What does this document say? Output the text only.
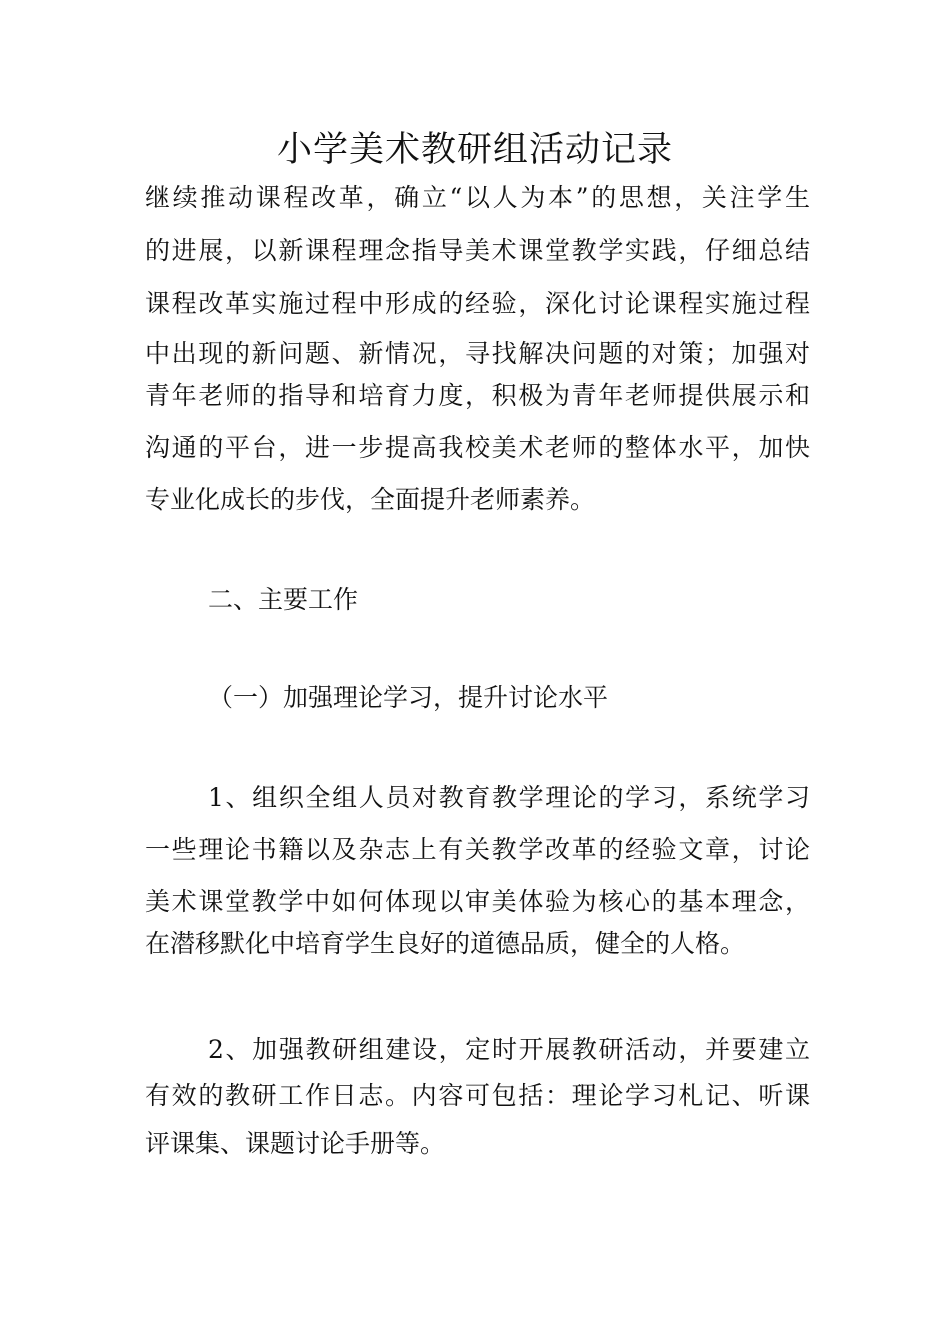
小学美术教研组活动记录

继续推动课程改革，确立“以人为本”的思想，关注学生

的进展，以新课程理念指导美术课堂教学实践，仔细总结

课程改革实施过程中形成的经验，深化讨论课程实施过程

中出现的新问题、新情况，寻找解决问题的对策；加强对

青年老师的指导和培育力度，积极为青年老师提供展示和

沟通的平台，进一步提高我校美术老师的整体水平，加快

专业化成长的步伐，全面提升老师素养。

二、主要工作

（一）加强理论学习，提升讨论水平

1、组织全组人员对教育教学理论的学习，系统学习

一些理论书籍以及杂志上有关教学改革的经验文章，讨论

美术课堂教学中如何体现以审美体验为核心的基本理念，

在潜移默化中培育学生良好的道德品质，健全的人格。

2、加强教研组建设，定时开展教研活动，并要建立

有效的教研工作日志。内容可包括：理论学习札记、听课

评课集、课题讨论手册等。
